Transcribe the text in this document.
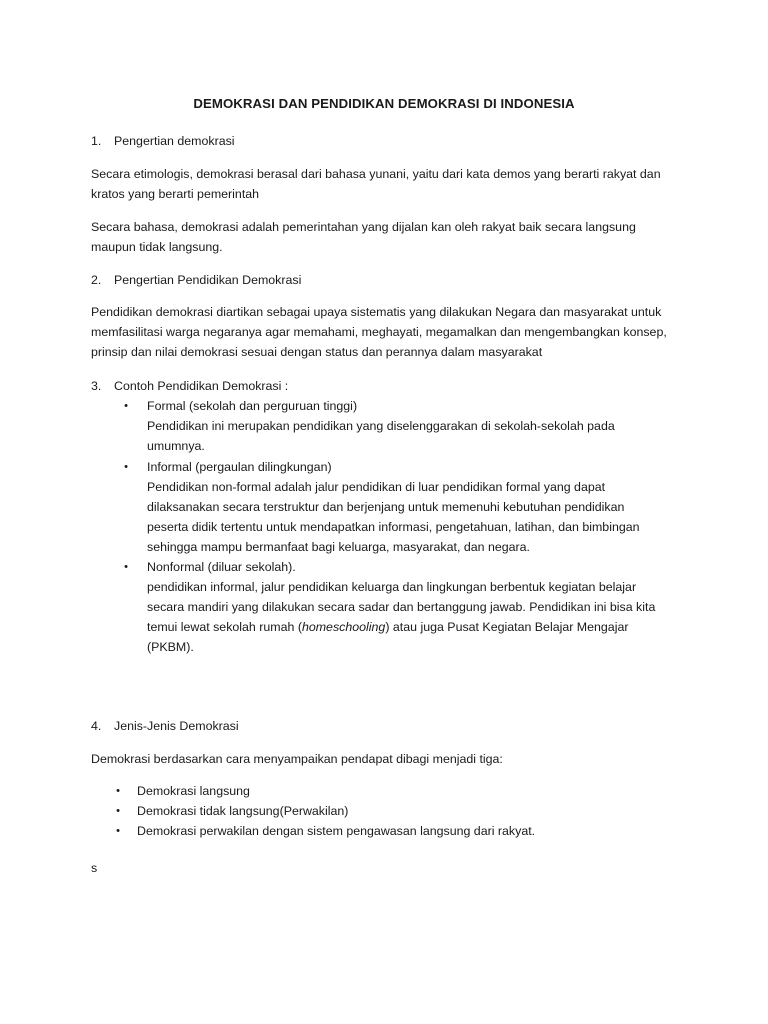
DEMOKRASI DAN PENDIDIKAN DEMOKRASI DI INDONESIA
1. Pengertian demokrasi
Secara etimologis, demokrasi berasal dari bahasa yunani, yaitu dari kata demos yang berarti rakyat dan
kratos yang berarti pemerintah
Secara bahasa, demokrasi adalah pemerintahan yang dijalan kan oleh rakyat baik secara langsung
maupun tidak langsung.
2. Pengertian Pendidikan Demokrasi
Pendidikan demokrasi diartikan sebagai upaya sistematis yang dilakukan Negara dan masyarakat untuk
memfasilitasi warga negaranya agar memahami, meghayati, megamalkan dan mengembangkan konsep,
prinsip dan nilai demokrasi sesuai dengan status dan perannya dalam masyarakat
3. Contoh Pendidikan Demokrasi :
• Formal (sekolah dan perguruan tinggi)
Pendidikan ini merupakan pendidikan yang diselenggarakan di sekolah-sekolah pada
umumnya.
• Informal (pergaulan dilingkungan)
Pendidikan non-formal adalah jalur pendidikan di luar pendidikan formal yang dapat
dilaksanakan secara terstruktur dan berjenjang untuk memenuhi kebutuhan pendidikan
peserta didik tertentu untuk mendapatkan informasi, pengetahuan, latihan, dan bimbingan
sehingga mampu bermanfaat bagi keluarga, masyarakat, dan negara.
• Nonformal (diluar sekolah).
pendidikan informal, jalur pendidikan keluarga dan lingkungan berbentuk kegiatan belajar
secara mandiri yang dilakukan secara sadar dan bertanggung jawab. Pendidikan ini bisa kita
temui lewat sekolah rumah (homeschooling) atau juga Pusat Kegiatan Belajar Mengajar
(PKBM).
4. Jenis-Jenis Demokrasi
Demokrasi berdasarkan cara menyampaikan pendapat dibagi menjadi tiga:
• Demokrasi langsung
• Demokrasi tidak langsung(Perwakilan)
• Demokrasi perwakilan dengan sistem pengawasan langsung dari rakyat.
s
